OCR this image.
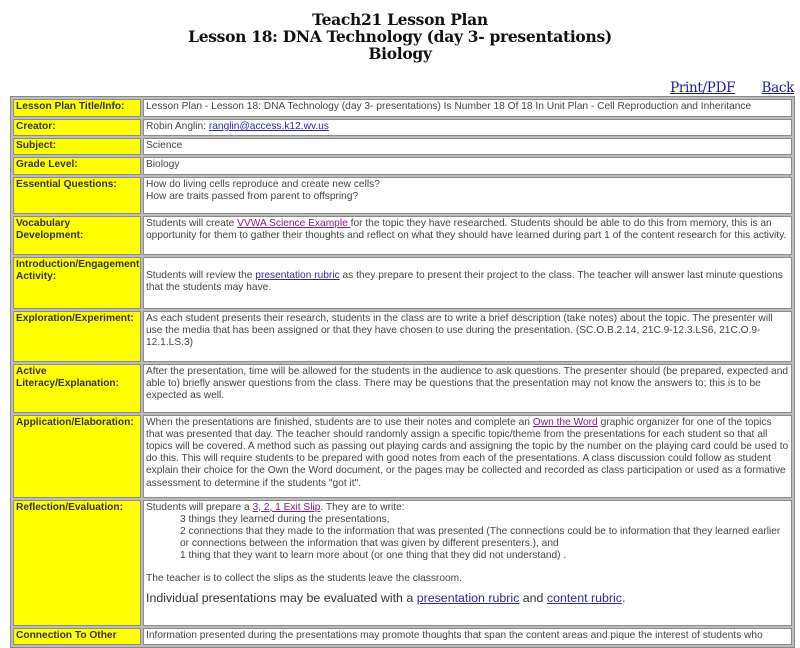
Teach21 Lesson Plan
Lesson 18: DNA Technology (day 3- presentations)
Biology
Print/PDF Back
Lesson Plan Title/Info:	Lesson Plan - Lesson 18: DNA Technology (day 3- presentations) Is Number 18 Of 18 In Unit Plan - Cell Reproduction and Inheritance
Creator:	Robin Anglin: ranglin@access.k12.wv.us
Subject:	Science
Grade Level:	Biology
Essential Questions:	How do living cells reproduce and create new cells?
How are traits passed from parent to offspring?

Vocabulary Development:	Students will create VVWA Science Example for the topic they have researched. Students should be able to do this from memory, this is an opportunity for them to gather their thoughts and reflect on what they should have learned during part 1 of the content research for this activity.
Introduction/Engagement Activity:	Students will review the presentation rubric as they prepare to present their project to the class. The teacher will answer last minute questions that the students may have.
Exploration/Experiment:	As each student presents their research, students in the class are to write a brief description (take notes) about the topic. The presenter will use the media that has been assigned or that they have chosen to use during the presentation. (SC.O.B.2.14, 21C.9-12.3.LS6, 21C.O.9-12.1.LS.3)
Active Literacy/Explanation:	After the presentation, time will be allowed for the students in the audience to ask questions. The presenter should (be prepared, expected and able to) briefly answer questions from the class. There may be questions that the presentation may not know the answers to; this is to be expected as well.
Application/Elaboration:	When the presentations are finished, students are to use their notes and complete an Own the Word graphic organizer for one of the topics that was presented that day. The teacher should randomly assign a specific topic/theme from the presentations for each student so that all topics will be covered. A method such as passing out playing cards and assigning the topic by the number on the playing card could be used to do this. This will require students to be prepared with good notes from each of the presentations. A class discussion could follow as student explain their choice for the Own the Word document, or the pages may be collected and recorded as class participation or used as a formative assessment to determine if the students "got it".
Reflection/Evaluation:	Students will prepare a 3, 2, 1 Exit Slip. They are to write:
3 things they learned during the presentations,
2 connections that they made to the information that was presented (The connections could be to information that they learned earlier or connections between the information that was given by different presenters.), and
1 thing that they want to learn more about (or one thing that they did not understand) .
The teacher is to collect the slips as the students leave the classroom.
Individual presentations may be evaluated with a presentation rubric and content rubric.

Connection To Other	Information presented during the presentations may promote thoughts that span the content areas and pique the interest of students who
